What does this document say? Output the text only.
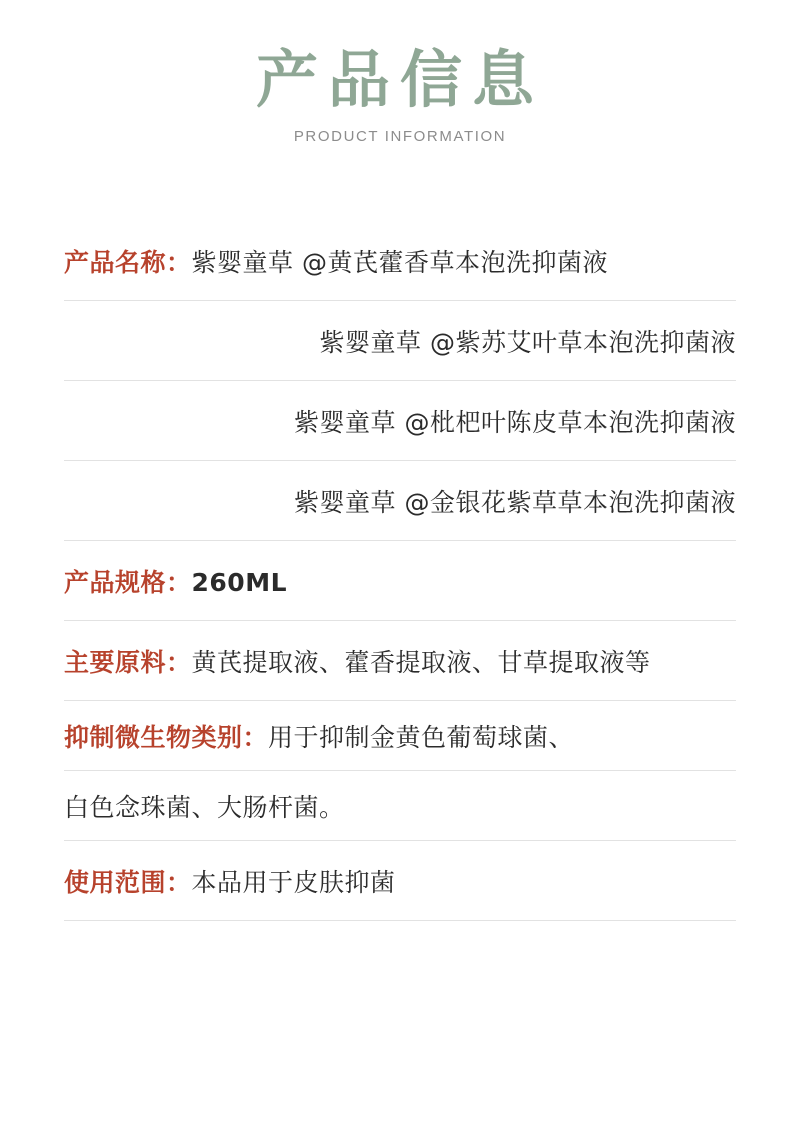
产品信息
PRODUCT INFORMATION
产品名称： 紫婴童草 @黄芪藿香草本泡洗抑菌液
紫婴童草 @紫苏艾叶草本泡洗抑菌液
紫婴童草 @枇杷叶陈皮草本泡洗抑菌液
紫婴童草 @金银花紫草草本泡洗抑菌液
产品规格： 260ML
主要原料： 黄芪提取液、藿香提取液、甘草提取液等
抑制微生物类别： 用于抑制金黄色葡萄球菌、
白色念珠菌、大肠杆菌。
使用范围： 本品用于皮肤抑菌
